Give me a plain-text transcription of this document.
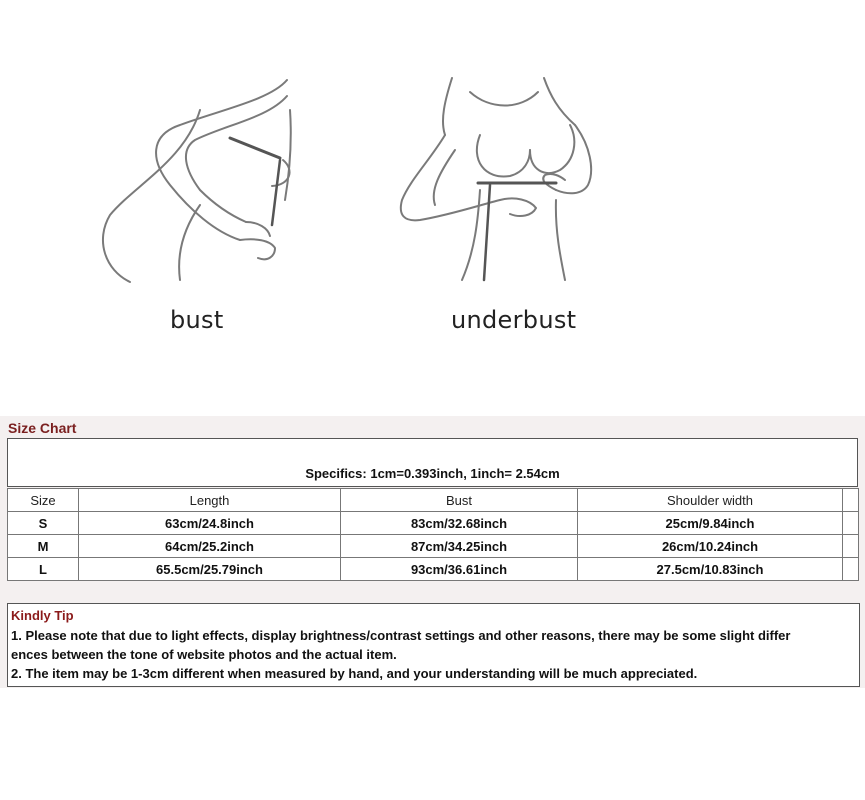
bust	underbust
Size Chart
Specifics: 1cm=0.393inch, 1inch= 2.54cm
Size	Length	Bust	Shoulder width	
S	63cm/24.8inch	83cm/32.68inch	25cm/9.84inch	
M	64cm/25.2inch	87cm/34.25inch	26cm/10.24inch	
L	65.5cm/25.79inch	93cm/36.61inch	27.5cm/10.83inch	
Kindly Tip
1. Please note that due to light effects, display brightness/contrast settings and other reasons, there may be some slight differ
ences between the tone of website photos and the actual item.
2. The item may be 1-3cm different when measured by hand, and your understanding will be much appreciated.
